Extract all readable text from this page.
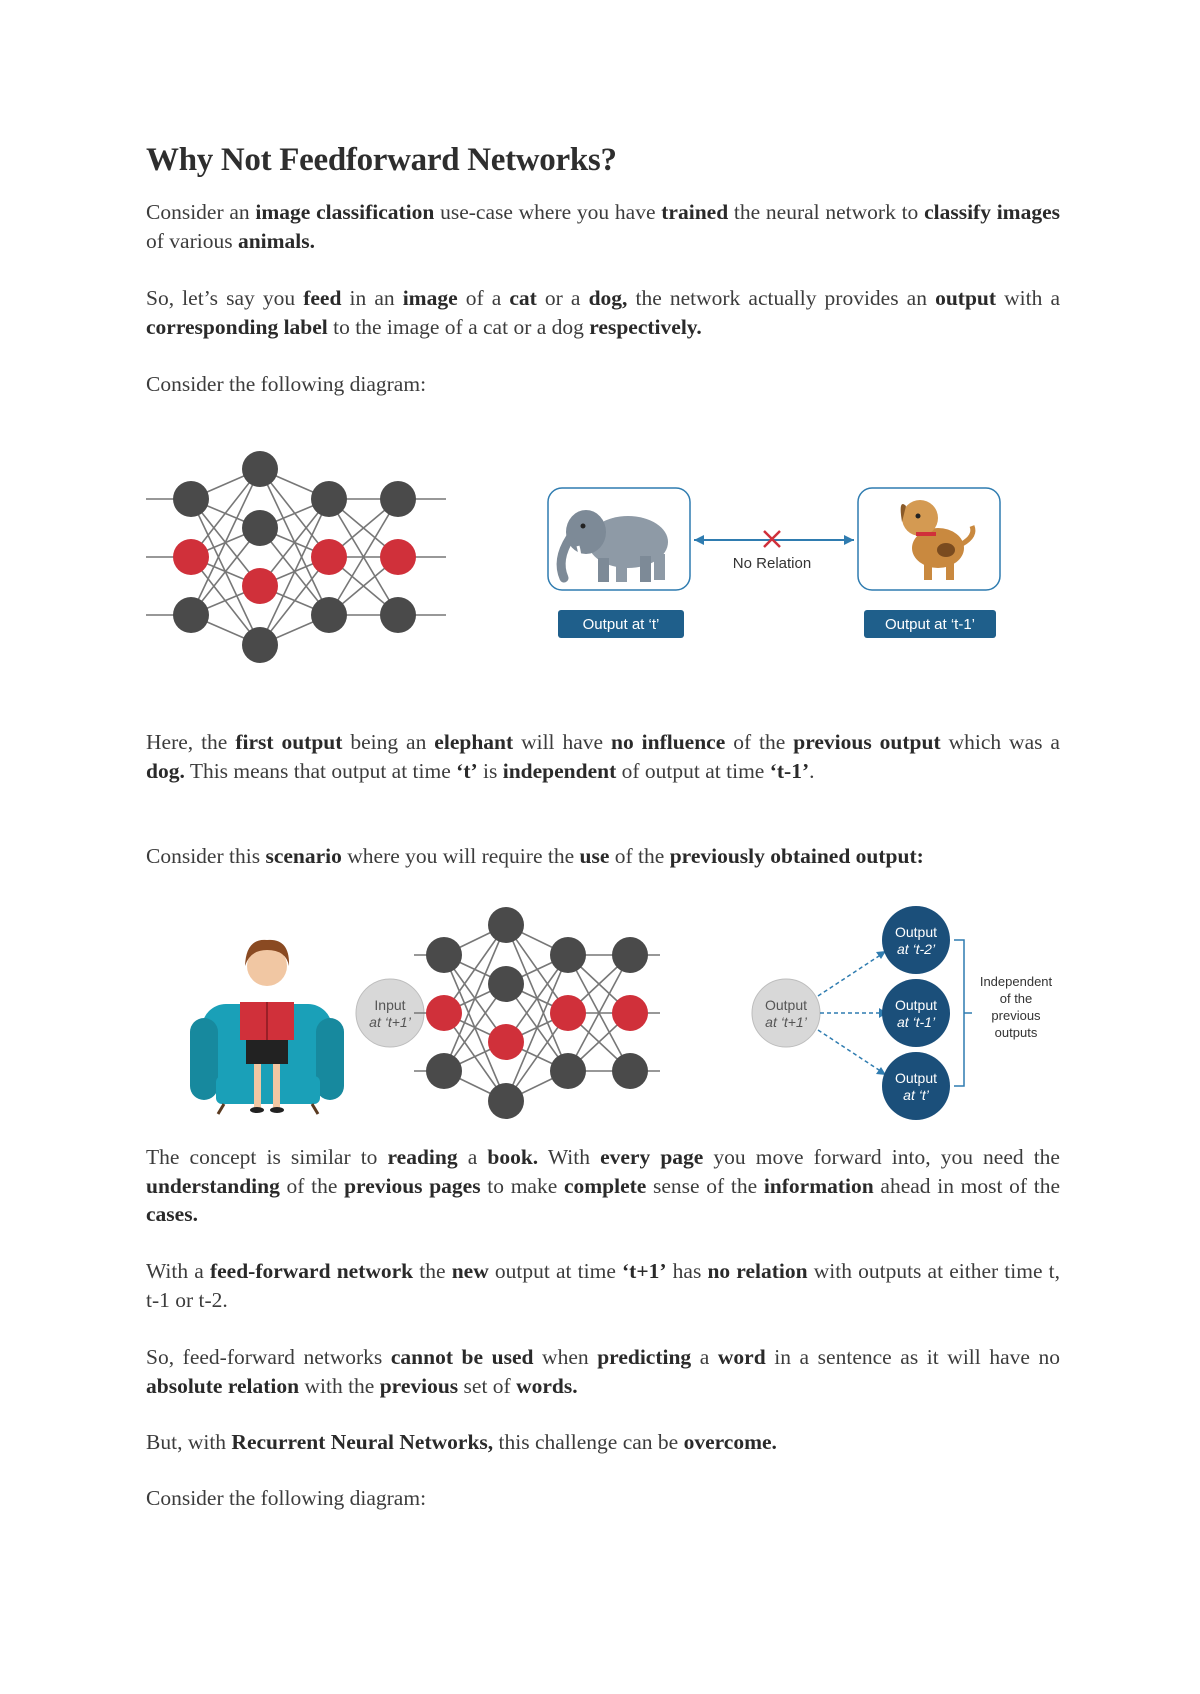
Why Not Feedforward Networks?

Consider an image classification use-case where you have trained the neural network to classify images of various animals.

So, let’s say you feed in an image of a cat or a dog, the network actually provides an output with a corresponding label to the image of a cat or a dog respectively.

Consider the following diagram:

No Relation
Output at ‘t’	Output at ‘t-1’

Here, the first output being an elephant will have no influence of the previous output which was a dog. This means that output at time ‘t’ is independent of output at time ‘t-1’.

Consider this scenario where you will require the use of the previously obtained output:

Input
at ‘t+1’
Output
at ‘t+1’
Output
at ‘t-2’
Output
at ‘t-1’
Output
at ‘t’
Independent
of the
previous
outputs

The concept is similar to reading a book. With every page you move forward into, you need the understanding of the previous pages to make complete sense of the information ahead in most of the cases.

With a feed-forward network the new output at time ‘t+1’ has no relation with outputs at either time t, t-1 or t-2.

So, feed-forward networks cannot be used when predicting a word in a sentence as it will have no absolute relation with the previous set of words.

But, with Recurrent Neural Networks, this challenge can be overcome.

Consider the following diagram:
